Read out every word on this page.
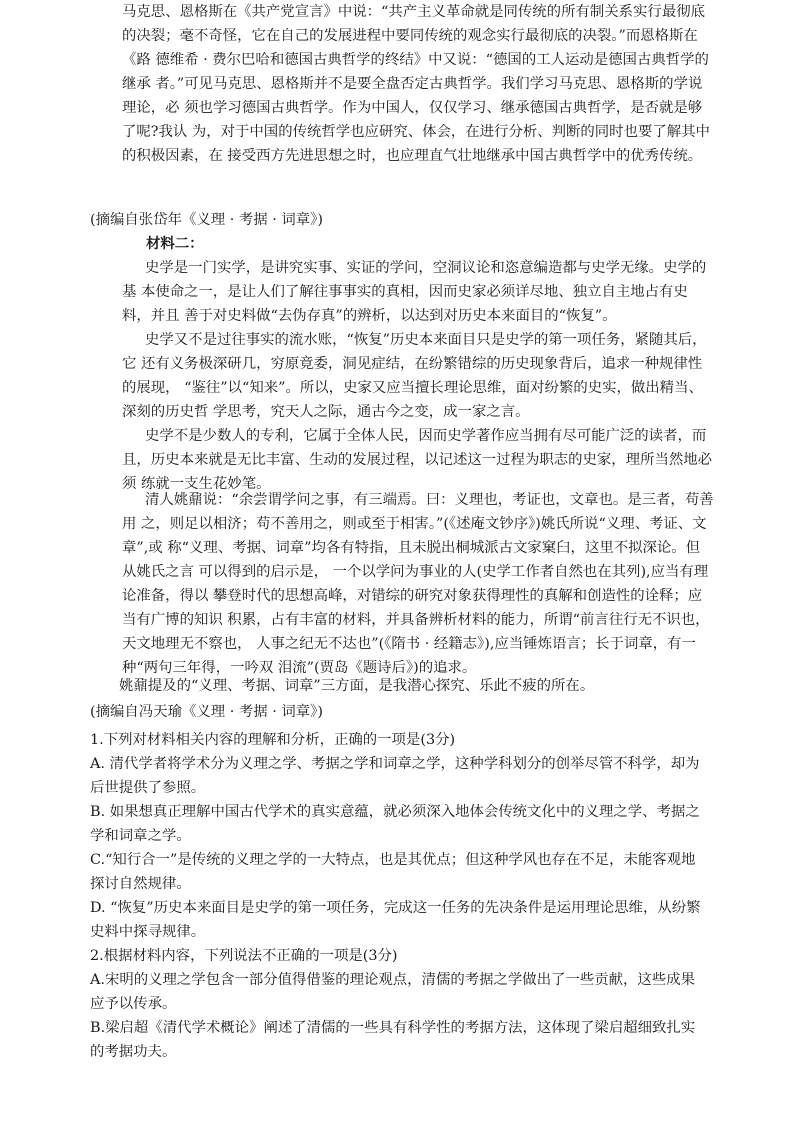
马克思、恩格斯在《共产党宣言》中说：“共产主义革命就是同传统的所有制关系实行最彻底 的决裂；毫不奇怪，它在自己的发展进程中要同传统的观念实行最彻底的决裂。”而恩格斯在《路 德维希 · 费尔巴哈和德国古典哲学的终结》中又说：“德国的工人运动是德国古典哲学的继承 者。”可见马克思、恩格斯并不是要全盘否定古典哲学。我们学习马克思、恩格斯的学说理论，必 须也学习德国古典哲学。作为中国人，仅仅学习、继承德国古典哲学，是否就是够了呢?我认 为，对于中国的传统哲学也应研究、体会，在进行分析、判断的同时也要了解其中的积极因素，在 接受西方先进思想之时，也应理直气壮地继承中国古典哲学中的优秀传统。

(摘编自张岱年《义理 · 考据 · 词章》)

材料二：

史学是一门实学，是讲究实事、实证的学问，空洞议论和恣意编造都与史学无缘。史学的基 本使命之一，是让人们了解往事事实的真相，因而史家必须详尽地、独立自主地占有史料，并且 善于对史料做“去伪存真”的辨析，以达到对历史本来面目的“恢复”。

史学又不是过往事实的流水账，“恢复”历史本来面目只是史学的第一项任务，紧随其后，它 还有义务极深研几，穷原竟委，洞见症结，在纷繁错综的历史现象背后，追求一种规律性的展现， “鉴往”以“知来”。所以，史家又应当擅长理论思维，面对纷繁的史实，做出精当、深刻的历史哲 学思考，究天人之际，通古今之变，成一家之言。

史学不是少数人的专利，它属于全体人民，因而史学著作应当拥有尽可能广泛的读者，而 且，历史本来就是无比丰富、生动的发展过程，以记述这一过程为职志的史家，理所当然地必须 练就一支生花妙笔。

清人姚鼐说：“余尝谓学问之事，有三端焉。曰：义理也，考证也，文章也。是三者，苟善用 之，则足以相济；苟不善用之，则或至于相害。”(《述庵文钞序》)姚氏所说“义理、考证、文章”,或 称“义理、考据、词章”均各有特指，且未脱出桐城派古文家窠臼，这里不拟深论。但从姚氏之言 可以得到的启示是， 一个以学问为事业的人(史学工作者自然也在其列),应当有理论准备，得以 攀登时代的思想高峰，对错综的研究对象获得理性的真解和创造性的诠释；应当有广博的知识 积累，占有丰富的材料，并具备辨析材料的能力，所谓“前言往行无不识也，天文地理无不察也， 人事之纪无不达也”(《隋书 · 经籍志》),应当锤炼语言；长于词章，有一种“两句三年得，一吟双 泪流”(贾岛《题诗后》)的追求。

姚鼐提及的“义理、考据、词章”三方面，是我潜心探究、乐此不疲的所在。

(摘编自冯天瑜《义理 · 考据 · 词章》)

1.下列对材料相关内容的理解和分析，正确的一项是(3分)

A. 清代学者将学术分为义理之学、考据之学和词章之学，这种学科划分的创举尽管不科学，却为后世提供了参照。

B. 如果想真正理解中国古代学术的真实意蕴，就必须深入地体会传统文化中的义理之学、考据之学和词章之学。

C.“知行合一”是传统的义理之学的一大特点，也是其优点；但这种学风也存在不足，未能客观地探讨自然规律。

D. “恢复”历史本来面目是史学的第一项任务，完成这一任务的先决条件是运用理论思维，从纷繁史料中探寻规律。

2.根据材料内容，下列说法不正确的一项是(3分)

A.宋明的义理之学包含一部分值得借鉴的理论观点，清儒的考据之学做出了一些贡献，这些成果应予以传承。

B.梁启超《清代学术概论》阐述了清儒的一些具有科学性的考据方法，这体现了梁启超细致扎实的考据功夫。
